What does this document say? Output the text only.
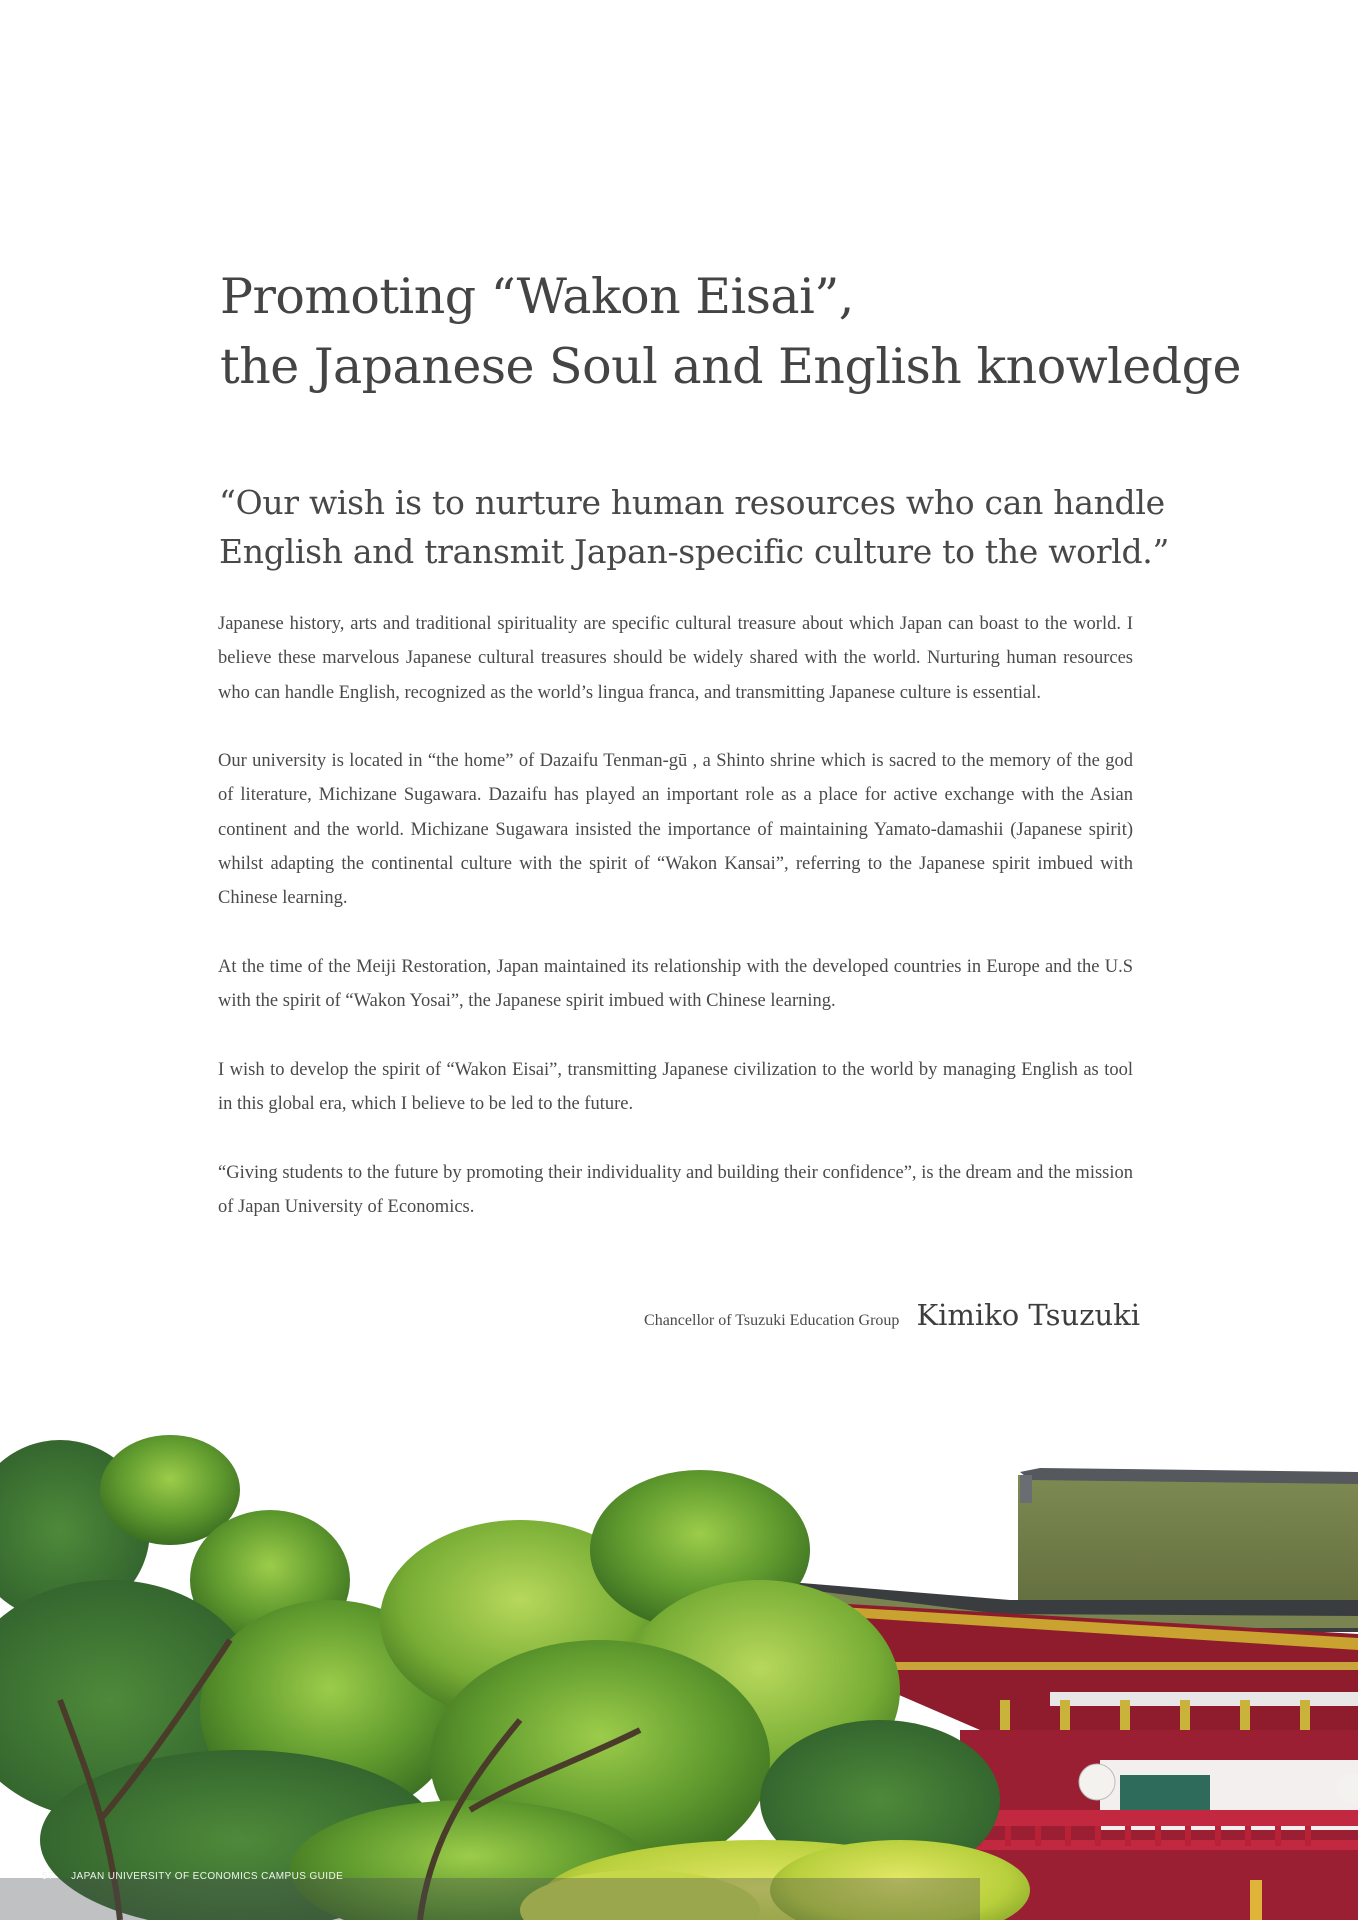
Promoting “Wakon Eisai”,
the Japanese Soul and English knowledge
“Our wish is to nurture human resources who can handle
English and transmit Japan-specific culture to the world.”

Japanese history, arts and traditional spirituality are specific cultural treasure about which Japan can boast to the world. I believe these marvelous Japanese cultural treasures should be widely shared with the world. Nurturing human resources who can handle English, recognized as the world’s lingua franca, and transmitting Japanese culture is essential.

Our university is located in “the home” of Dazaifu Tenman-gū , a Shinto shrine which is sacred to the memory of the god of literature, Michizane Sugawara. Dazaifu has played an important role as a place for active exchange with the Asian continent and the world. Michizane Sugawara insisted the importance of maintaining Yamato-damashii (Japanese spirit) whilst adapting the continental culture with the spirit of “Wakon Kansai”, referring to the Japanese spirit imbued with Chinese learning.

At the time of the Meiji Restoration, Japan maintained its relationship with the developed countries in Europe and the U.S with the spirit of “Wakon Yosai”, the Japanese spirit imbued with Chinese learning.

I wish to develop the spirit of “Wakon Eisai”, transmitting Japanese civilization to the world by managing English as tool in this global era, which I believe to be led to the future.

“Giving students to the future by promoting their individuality and building their confidence”, is the dream and the mission of Japan University of Economics.

Chancellor of Tsuzuki Education Group Kimiko Tsuzuki
57 JAPAN UNIVERSITY OF ECONOMICS CAMPUS GUIDE
